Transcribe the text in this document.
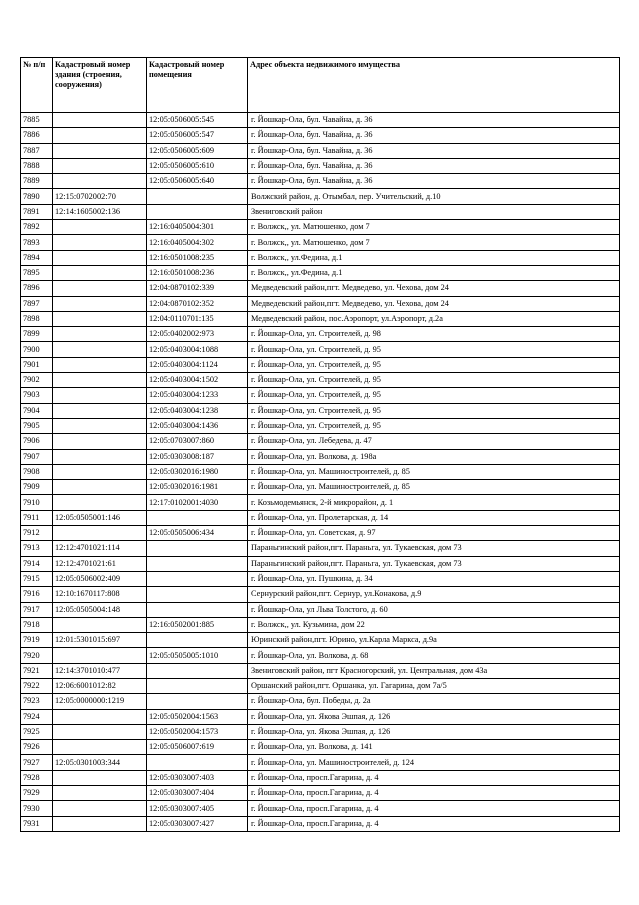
№ п/п	Кадастровый номер здания (строения, сооружения)	Кадастровый номер помещения	Адрес объекта недвижимого имущества
7885		12:05:0506005:545	г. Йошкар-Ола, бул. Чавайна, д. 36
7886		12:05:0506005:547	г. Йошкар-Ола, бул. Чавайна, д. 36
7887		12:05:0506005:609	г. Йошкар-Ола, бул. Чавайна, д. 36
7888		12:05:0506005:610	г. Йошкар-Ола, бул. Чавайна, д. 36
7889		12:05:0506005:640	г. Йошкар-Ола, бул. Чавайна, д. 36
7890	12:15:0702002:70		Волжский район, д. Отымбал, пер. Учительский, д.10
7891	12:14:1605002:136		Звениговский район
7892		12:16:0405004:301	г. Волжск,, ул. Матюшенко, дом 7
7893		12:16:0405004:302	г. Волжск,, ул. Матюшенко, дом 7
7894		12:16:0501008:235	г. Волжск,, ул.Федина, д.1
7895		12:16:0501008:236	г. Волжск,, ул.Федина, д.1
7896		12:04:0870102:339	Медведевский район,пгт. Медведево, ул. Чехова, дом 24
7897		12:04:0870102:352	Медведевский район,пгт. Медведево, ул. Чехова, дом 24
7898		12:04:0110701:135	Медведевский район, пос.Аэропорт, ул.Аэропорт, д.2а
7899		12:05:0402002:973	г. Йошкар-Ола, ул. Строителей, д. 98
7900		12:05:0403004:1088	г. Йошкар-Ола, ул. Строителей, д. 95
7901		12:05:0403004:1124	г. Йошкар-Ола, ул. Строителей, д. 95
7902		12:05:0403004:1502	г. Йошкар-Ола, ул. Строителей, д. 95
7903		12:05:0403004:1233	г. Йошкар-Ола, ул. Строителей, д. 95
7904		12:05:0403004:1238	г. Йошкар-Ола, ул. Строителей, д. 95
7905		12:05:0403004:1436	г. Йошкар-Ола, ул. Строителей, д. 95
7906		12:05:0703007:860	г. Йошкар-Ола, ул. Лебедева, д. 47
7907		12:05:0303008:187	г. Йошкар-Ола, ул. Волкова, д. 198а
7908		12:05:0302016:1980	г. Йошкар-Ола, ул. Машиностроителей, д. 85
7909		12:05:0302016:1981	г. Йошкар-Ола, ул. Машиностроителей, д. 85
7910		12:17:0102001:4030	г. Козьмодемьянск, 2-й микрорайон, д. 1
7911	12:05:0505001:146		г. Йошкар-Ола, ул. Пролетарская, д. 14
7912		12:05:0505006:434	г. Йошкар-Ола, ул. Советская, д. 97
7913	12:12:4701021:114		Параньгинский район,пгт. Параньга, ул. Тукаевская, дом 73
7914	12:12:4701021:61		Параньгинский район,пгт. Параньга, ул. Тукаевская, дом 73
7915	12:05:0506002:409		г. Йошкар-Ола, ул. Пушкина, д. 34
7916	12:10:1670117:808		Сернурский район,пгт. Сернур, ул.Конакова, д.9
7917	12:05:0505004:148		г. Йошкар-Ола, ул Льва Толстого, д. 60
7918		12:16:0502001:885	г. Волжск,, ул. Кузьмина, дом 22
7919	12:01:5301015:697		Юринский район,пгт. Юрино, ул.Карла Маркса, д.9а
7920		12:05:0505005:1010	г. Йошкар-Ола, ул. Волкова, д. 68
7921	12:14:3701010:477		Звениговский район, пгт Красногорский, ул. Центральная, дом 43а
7922	12:06:6001012:82		Оршанский район,пгт. Оршанка, ул. Гагарина, дом 7а/5
7923	12:05:0000000:1219		г. Йошкар-Ола, бул. Победы, д. 2а
7924		12:05:0502004:1563	г. Йошкар-Ола, ул. Якова Эшпая, д. 126
7925		12:05:0502004:1573	г. Йошкар-Ола, ул. Якова Эшпая, д. 126
7926		12:05:0506007:619	г. Йошкар-Ола, ул. Волкова, д. 141
7927	12:05:0301003:344		г. Йошкар-Ола, ул. Машиностроителей, д. 124
7928		12:05:0303007:403	г. Йошкар-Ола, просп.Гагарина, д. 4
7929		12:05:0303007:404	г. Йошкар-Ола, просп.Гагарина, д. 4
7930		12:05:0303007:405	г. Йошкар-Ола, просп.Гагарина, д. 4
7931		12:05:0303007:427	г. Йошкар-Ола, просп.Гагарина, д. 4
